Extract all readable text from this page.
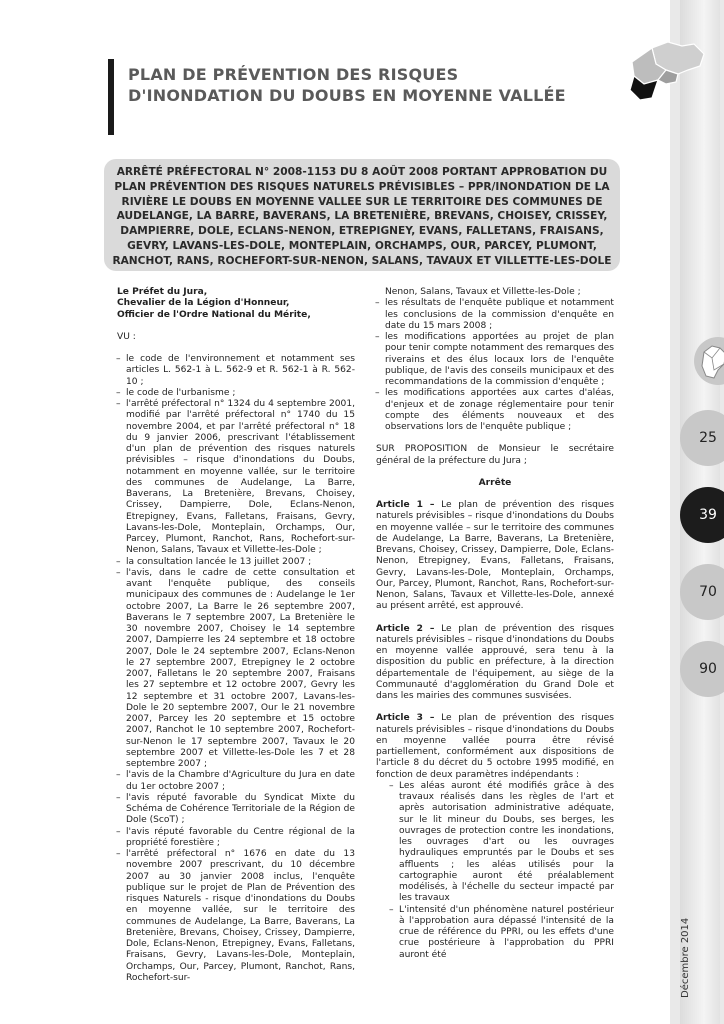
PLAN DE PRÉVENTION DES RISQUES D'INONDATION DU DOUBS EN MOYENNE VALLÉE
25
39
70
90
ARRÊTÉ PRÉFECTORAL N° 2008-1153 DU 8 AOÛT 2008 PORTANT APPROBATION DU PLAN PRÉVENTION DES RISQUES NATURELS PRÉVISIBLES – PPR/INONDATION DE LA RIVIÈRE LE DOUBS EN MOYENNE VALLEE SUR LE TERRITOIRE DES COMMUNES DE AUDELANGE, LA BARRE, BAVERANS, LA BRETENIÈRE, BREVANS, CHOISEY, CRISSEY, DAMPIERRE, DOLE, ECLANS-NENON, ETREPIGNEY, EVANS, FALLETANS, FRAISANS, GEVRY, LAVANS-LES-DOLE, MONTEPLAIN, ORCHAMPS, OUR, PARCEY, PLUMONT, RANCHOT, RANS, ROCHEFORT-SUR-NENON, SALANS, TAVAUX ET VILLETTE-LES-DOLE

Le Préfet du Jura,

Chevalier de la Légion d'Honneur,

Officier de l'Ordre National du Mérite,

VU :

– le code de l'environnement et notamment ses articles L. 562-1 à L. 562-9 et R. 562-1 à R. 562-10 ;
– le code de l'urbanisme ;
– l'arrêté préfectoral n° 1324 du 4 septembre 2001, modifié par l'arrêté préfectoral n° 1740 du 15 novembre 2004, et par l'arrêté préfectoral n° 18 du 9 janvier 2006, prescrivant l'établissement d'un plan de prévention des risques naturels prévisibles – risque d'inondations du Doubs, notamment en moyenne vallée, sur le territoire des communes de Audelange, La Barre, Baverans, La Bretenière, Brevans, Choisey, Crissey, Dampierre, Dole, Eclans-Nenon, Etrepigney, Evans, Falletans, Fraisans, Gevry, Lavans-les-Dole, Monteplain, Orchamps, Our, Parcey, Plumont, Ranchot, Rans, Rochefort-sur-Nenon, Salans, Tavaux et Villette-les-Dole ;
– la consultation lancée le 13 juillet 2007 ;
– l'avis, dans le cadre de cette consultation et avant l'enquête publique, des conseils municipaux des communes de : Audelange le 1er octobre 2007, La Barre le 26 septembre 2007, Baverans le 7 septembre 2007, La Bretenière le 30 novembre 2007, Choisey le 14 septembre 2007, Dampierre les 24 septembre et 18 octobre 2007, Dole le 24 septembre 2007, Eclans-Nenon le 27 septembre 2007, Etrepigney le 2 octobre 2007, Falletans le 20 septembre 2007, Fraisans les 27 septembre et 12 octobre 2007, Gevry les 12 septembre et 31 octobre 2007, Lavans-les-Dole le 20 septembre 2007, Our le 21 novembre 2007, Parcey les 20 septembre et 15 octobre 2007, Ranchot le 10 septembre 2007, Rochefort-sur-Nenon le 17 septembre 2007, Tavaux le 20 septembre 2007 et Villette-les-Dole les 7 et 28 septembre 2007 ;
– l'avis de la Chambre d'Agriculture du Jura en date du 1er octobre 2007 ;
– l'avis réputé favorable du Syndicat Mixte du Schéma de Cohérence Territoriale de la Région de Dole (ScoT) ;
– l'avis réputé favorable du Centre régional de la propriété forestière ;
– l'arrêté préfectoral n° 1676 en date du 13 novembre 2007 prescrivant, du 10 décembre 2007 au 30 janvier 2008 inclus, l'enquête publique sur le projet de Plan de Prévention des risques Naturels - risque d'inondations du Doubs en moyenne vallée, sur le territoire des communes de Audelange, La Barre, Baverans, La Bretenière, Brevans, Choisey, Crissey, Dampierre, Dole, Eclans-Nenon, Etrepigney, Evans, Falletans, Fraisans, Gevry, Lavans-les-Dole, Monteplain, Orchamps, Our, Parcey, Plumont, Ranchot, Rans, Rochefort-sur-

Nenon, Salans, Tavaux et Villette-les-Dole ;

– les résultats de l'enquête publique et notamment les conclusions de la commission d'enquête en date du 15 mars 2008 ;
– les modifications apportées au projet de plan pour tenir compte notamment des remarques des riverains et des élus locaux lors de l'enquête publique, de l'avis des conseils municipaux et des recommandations de la commission d'enquête ;
– les modifications apportées aux cartes d'aléas, d'enjeux et de zonage réglementaire pour tenir compte des éléments nouveaux et des observations lors de l'enquête publique ;

SUR PROPOSITION de Monsieur le secrétaire général de la préfecture du Jura ;

Arrête

Article 1 – Le plan de prévention des risques naturels prévisibles – risque d'inondations du Doubs en moyenne vallée – sur le territoire des communes de Audelange, La Barre, Baverans, La Bretenière, Brevans, Choisey, Crissey, Dampierre, Dole, Eclans-Nenon, Etrepigney, Evans, Falletans, Fraisans, Gevry, Lavans-les-Dole, Monteplain, Orchamps, Our, Parcey, Plumont, Ranchot, Rans, Rochefort-sur-Nenon, Salans, Tavaux et Villette-les-Dole, annexé au présent arrêté, est approuvé.

Article 2 – Le plan de prévention des risques naturels prévisibles – risque d'inondations du Doubs en moyenne vallée approuvé, sera tenu à la disposition du public en préfecture, à la direction départementale de l'équipement, au siège de la Communauté d'agglomération du Grand Dole et dans les mairies des communes susvisées.

Article 3 – Le plan de prévention des risques naturels prévisibles – risque d'inondations du Doubs en moyenne vallée pourra être révisé partiellement, conformément aux dispositions de l'article 8 du décret du 5 octobre 1995 modifié, en fonction de deux paramètres indépendants :

– Les aléas auront été modifiés grâce à des travaux réalisés dans les règles de l'art et après autorisation administrative adéquate, sur le lit mineur du Doubs, ses berges, les ouvrages de protection contre les inondations, les ouvrages d'art ou les ouvrages hydrauliques empruntés par le Doubs et ses affluents ; les aléas utilisés pour la cartographie auront été préalablement modélisés, à l'échelle du secteur impacté par les travaux
– L'intensité d'un phénomène naturel postérieur à l'approbation aura dépassé l'intensité de la crue de référence du PPRI, ou les effets d'une crue postérieure à l'approbation du PPRI auront été	Décembre 2014
